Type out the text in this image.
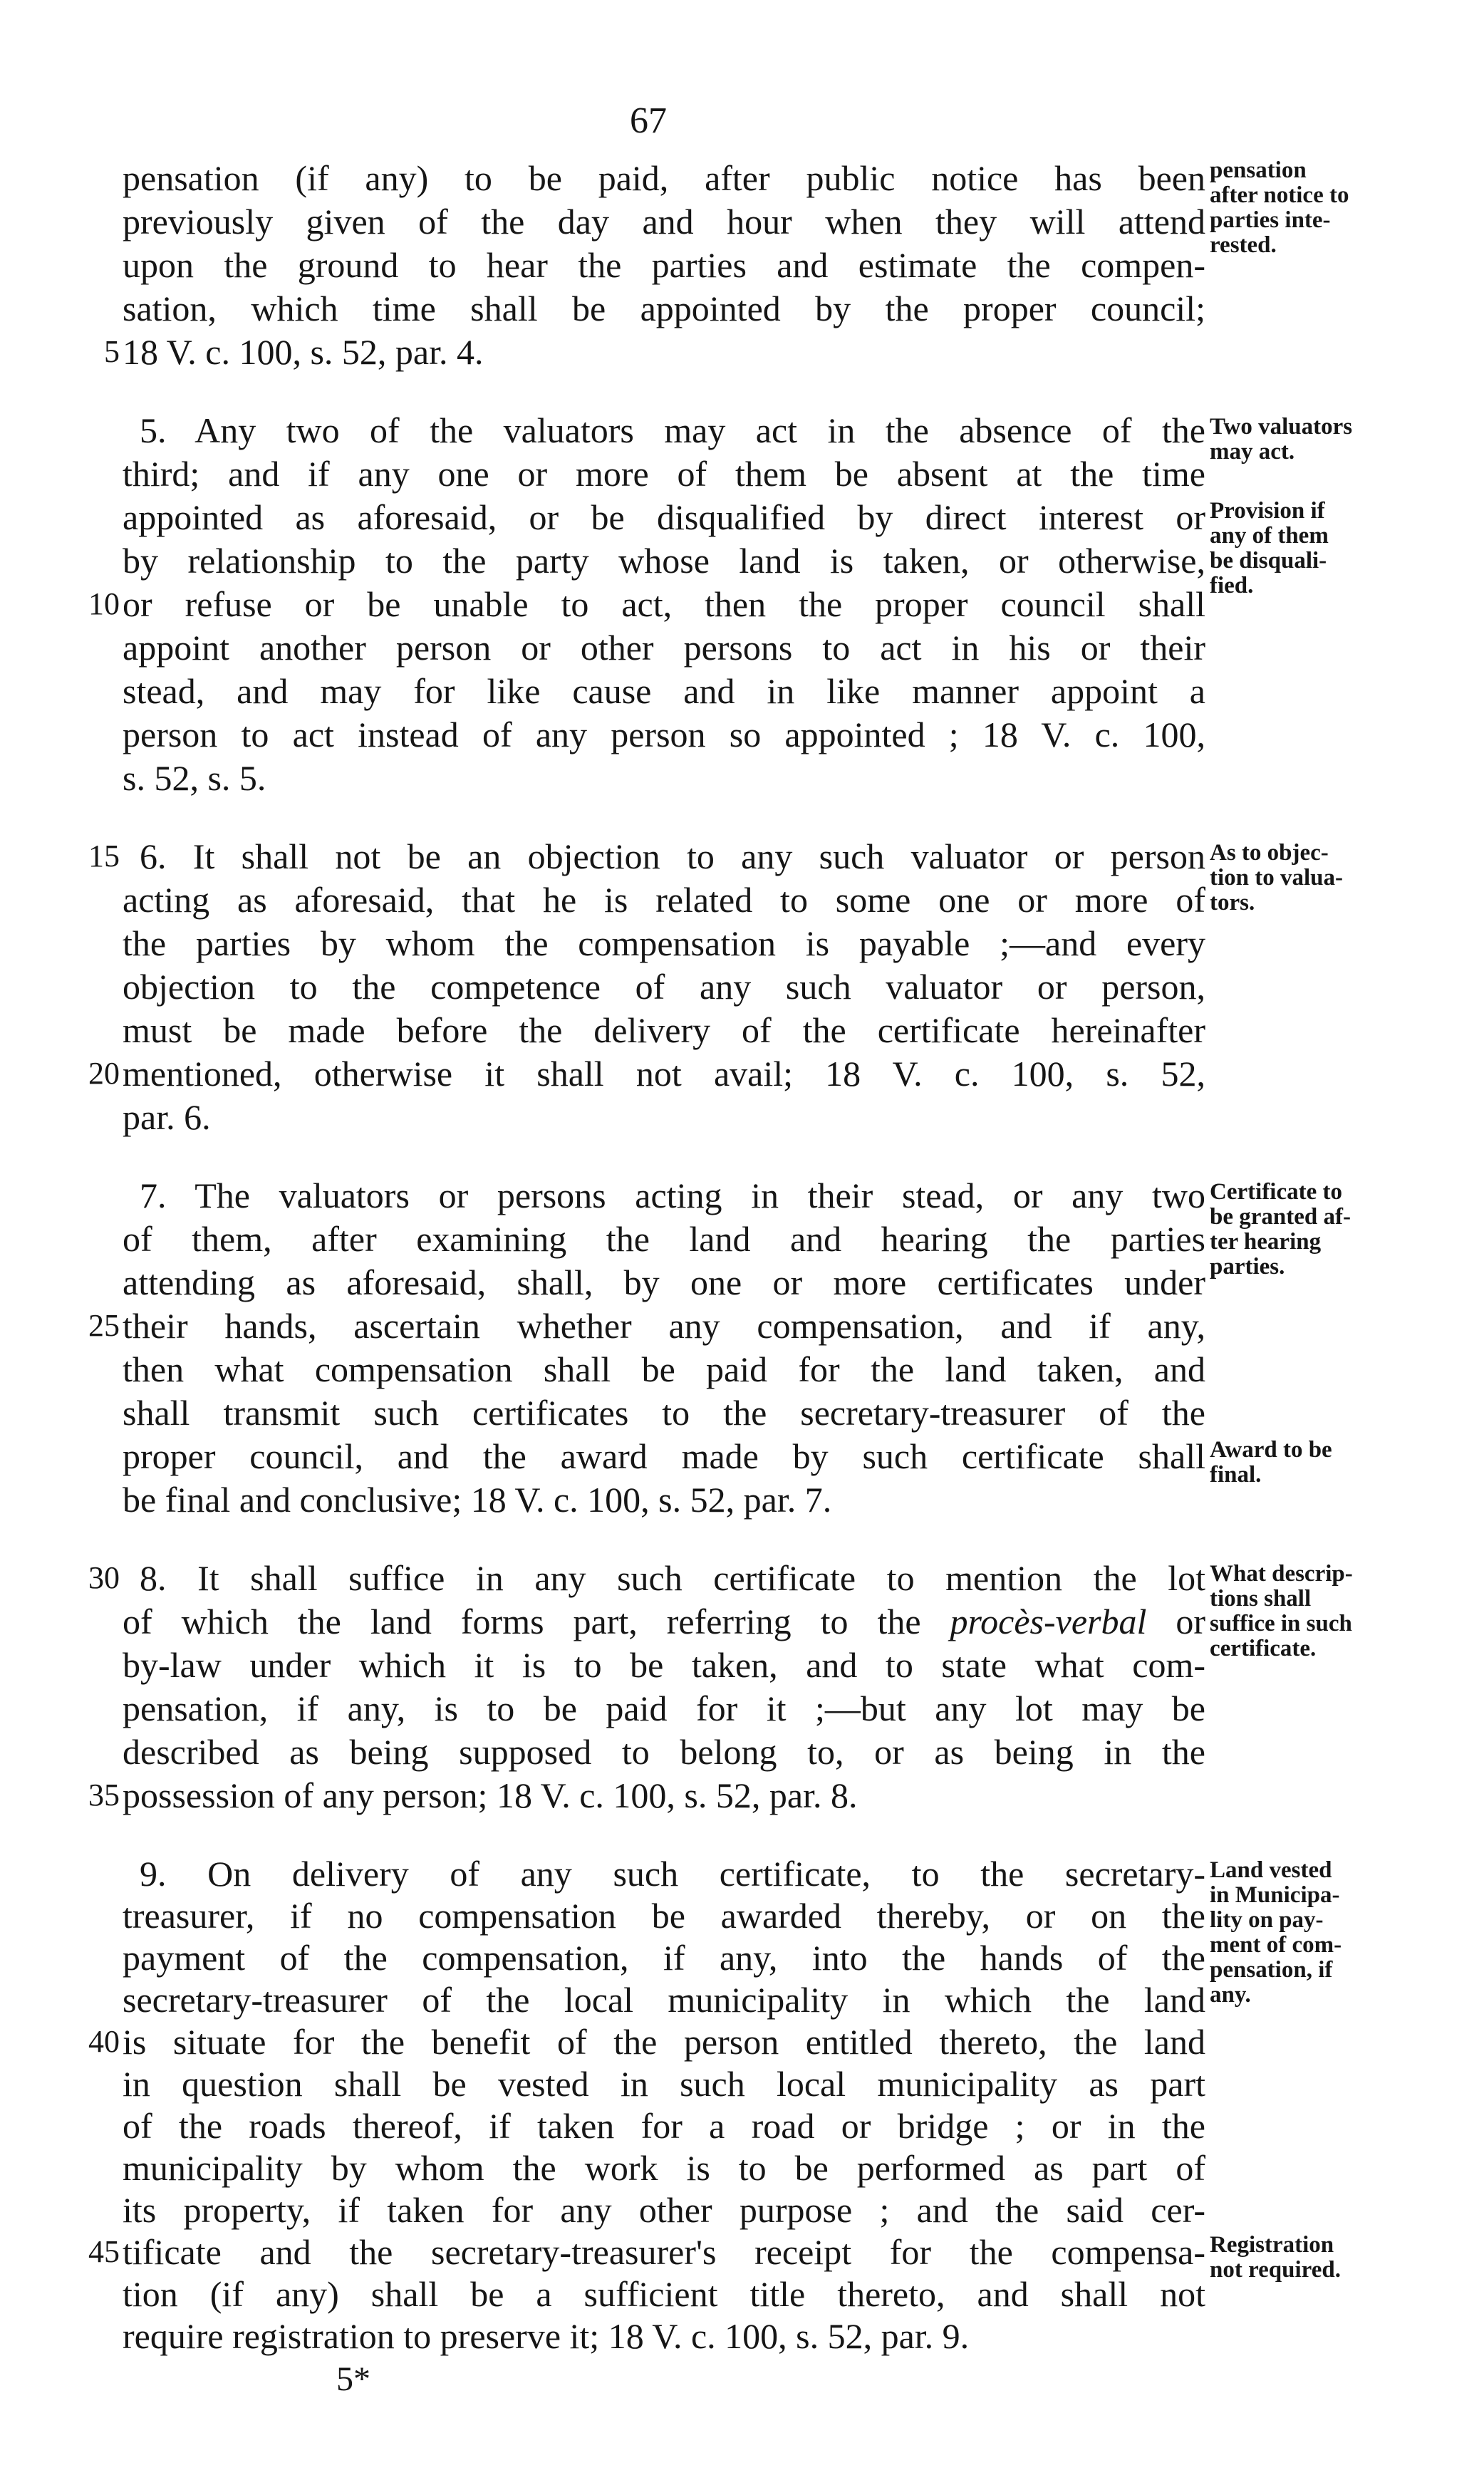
67
pensation (if any) to be paid, after public notice has been
previously given of the day and hour when they will attend
upon the ground to hear the parties and estimate the compen-
sation, which time shall be appointed by the proper council;
18 V. c. 100, s. 52, par. 4.
5. Any two of the valuators may act in the absence of the
third; and if any one or more of them be absent at the time
appointed as aforesaid, or be disqualified by direct interest or
by relationship to the party whose land is taken, or otherwise,
or refuse or be unable to act, then the proper council shall
appoint another person or other persons to act in his or their
stead, and may for like cause and in like manner appoint a
person to act instead of any person so appointed ; 18 V. c. 100,
s. 52, s. 5.
6. It shall not be an objection to any such valuator or person
acting as aforesaid, that he is related to some one or more of
the parties by whom the compensation is payable ;—and every
objection to the competence of any such valuator or person,
must be made before the delivery of the certificate hereinafter
mentioned, otherwise it shall not avail; 18 V. c. 100, s. 52,
par. 6.
7. The valuators or persons acting in their stead, or any two
of them, after examining the land and hearing the parties
attending as aforesaid, shall, by one or more certificates under
their hands, ascertain whether any compensation, and if any,
then what compensation shall be paid for the land taken, and
shall transmit such certificates to the secretary-treasurer of the
proper council, and the award made by such certificate shall
be final and conclusive; 18 V. c. 100, s. 52, par. 7.
8. It shall suffice in any such certificate to mention the lot
of which the land forms part, referring to the procès-verbal or
by-law under which it is to be taken, and to state what com-
pensation, if any, is to be paid for it ;—but any lot may be
described as being supposed to belong to, or as being in the
possession of any person; 18 V. c. 100, s. 52, par. 8.
9. On delivery of any such certificate, to the secretary-
treasurer, if no compensation be awarded thereby, or on the
payment of the compensation, if any, into the hands of the
secretary-treasurer of the local municipality in which the land
is situate for the benefit of the person entitled thereto, the land
in question shall be vested in such local municipality as part
of the roads thereof, if taken for a road or bridge ; or in the
municipality by whom the work is to be performed as part of
its property, if taken for any other purpose ; and the said cer-
tificate and the secretary-treasurer's receipt for the compensa-
tion (if any) shall be a sufficient title thereto, and shall not
require registration to preserve it; 18 V. c. 100, s. 52, par. 9.
5
10
15
20
25
30
35
40
45
pensation
after notice to
parties inte-
rested.
Two valuators
may act.
Provision if
any of them
be disquali-
fied.
As to objec-
tion to valua-
tors.
Certificate to
be granted af-
ter hearing
parties.
Award to be
final.
What descrip-
tions shall
suffice in such
certificate.
Land vested
in Municipa-
lity on pay-
ment of com-
pensation, if
any.
Registration
not required.
5*
